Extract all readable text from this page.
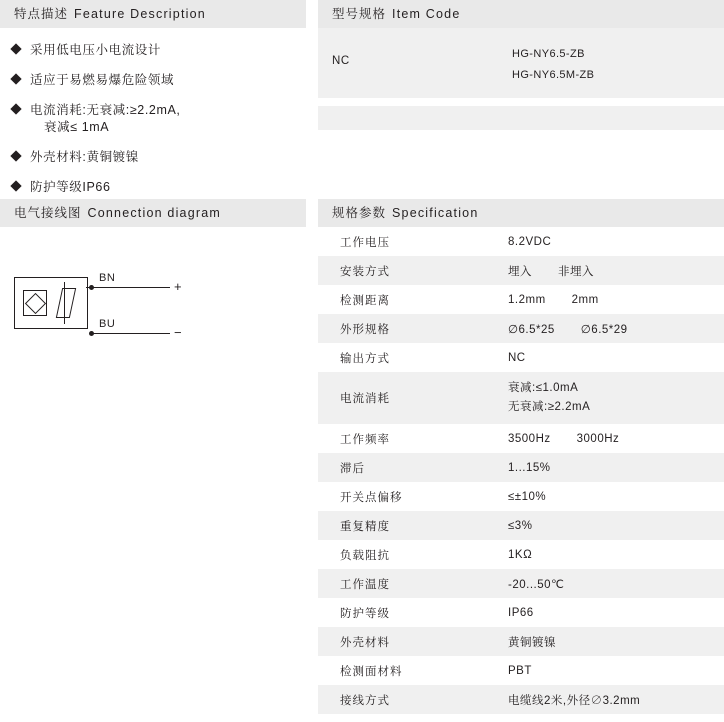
特点描述 Feature Description
采用低电压小电流设计
适应于易燃易爆危险领域
电流消耗:无衰减:≥2.2mA,
衰减≤ 1mA
外壳材料:黄铜镀镍
防护等级IP66
型号规格 Item Code
NC
HG-NY6.5-ZB
HG-NY6.5M-ZB
电气接线图 Connection diagram
BN
+
BU
−
规格参数 Specification
工作电压	8.2VDC
安装方式	埋入 非埋入
检测距离	1.2mm 2mm
外形规格	∅6.5*25 ∅6.5*29
输出方式	NC
电流消耗	衰减:≤1.0mA
无衰减:≥2.2mA

工作频率	3500Hz 3000Hz
滞后	1...15%
开关点偏移	≤±10%
重复精度	≤3%
负载阻抗	1KΩ
工作温度	-20...50℃
防护等级	IP66
外壳材料	黄铜镀镍
检测面材料	PBT
接线方式	电缆线2米,外径∅3.2mm
